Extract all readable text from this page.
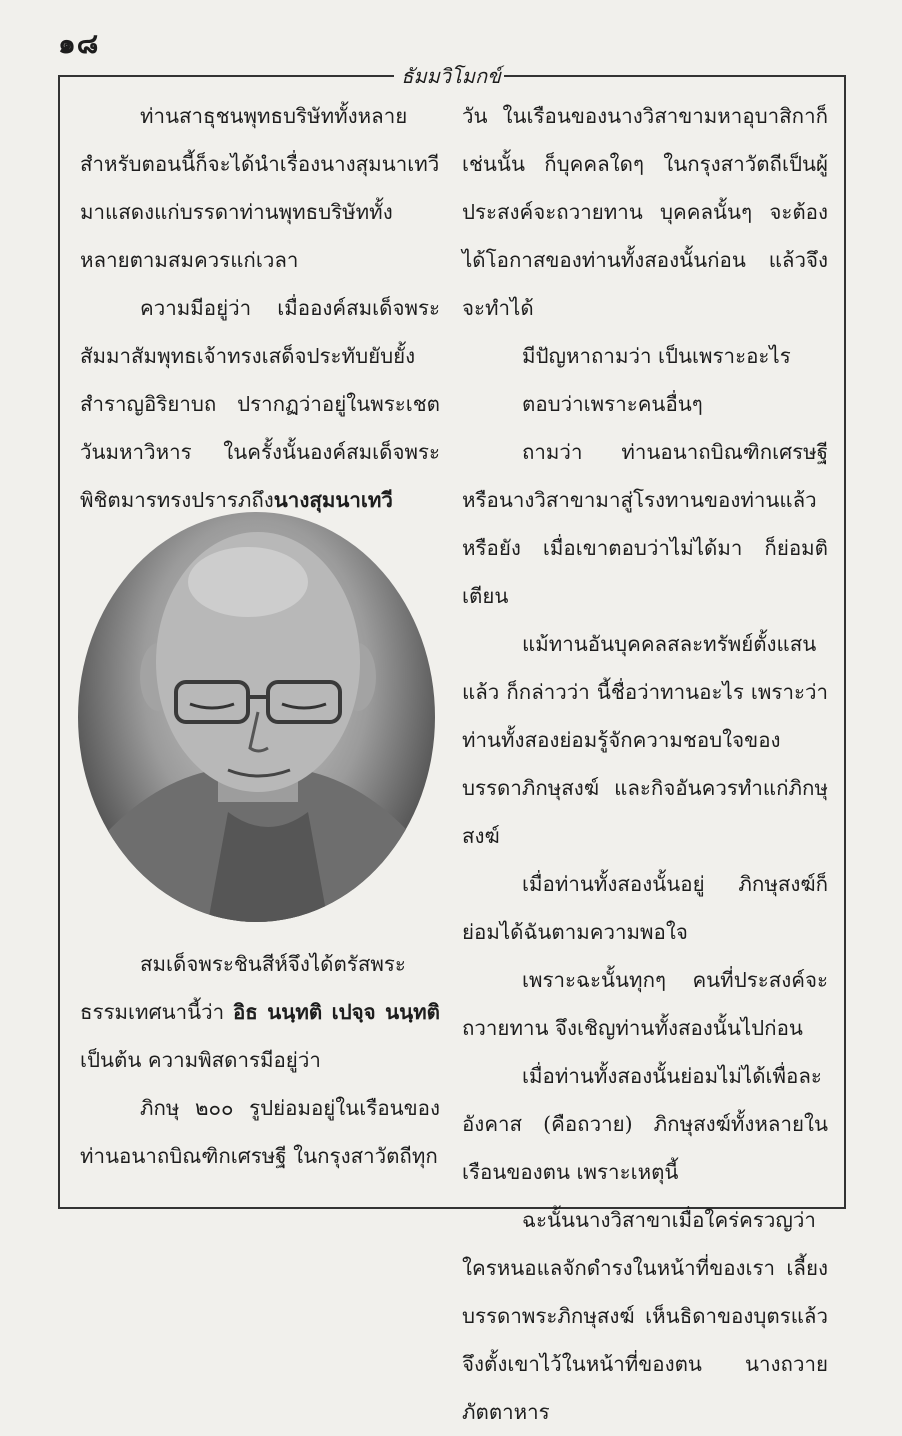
๑๘
ธัมมวิโมกข์

ท่านสาธุชนพุทธบริษัททั้งหลาย สำหรับตอนนี้ก็จะได้นำเรื่องนางสุมนาเทวีมาแสดงแก่บรรดาท่านพุทธบริษัททั้งหลายตามสมควรแก่เวลา

ความมีอยู่ว่า เมื่อองค์สมเด็จพระสัมมาสัมพุทธเจ้าทรงเสด็จประทับยับยั้งสำราญอิริยาบถ ปรากฏว่าอยู่ในพระเชตวันมหาวิหาร ในครั้งนั้นองค์สมเด็จพระพิชิตมารทรงปรารภถึงนางสุมนาเทวี

สมเด็จพระชินสีห์จึงได้ตรัสพระธรรมเทศนานี้ว่า อิธ นนฺทติ เปจฺจ นนฺทติ เป็นต้น ความพิสดารมีอยู่ว่า

ภิกษุ ๒๐๐ รูปย่อมอยู่ในเรือนของท่านอนาถบิณฑิกเศรษฐี ในกรุงสาวัตถีทุก

วัน ในเรือนของนางวิสาขามหาอุบาสิกาก็เช่นนั้น ก็บุคคลใดๆ ในกรุงสาวัตถีเป็นผู้ประสงค์จะถวายทาน บุคคลนั้นๆ จะต้องได้โอกาสของท่านทั้งสองนั้นก่อน แล้วจึงจะทำได้

มีปัญหาถามว่า เป็นเพราะอะไร

ตอบว่าเพราะคนอื่นๆ

ถามว่า ท่านอนาถบิณฑิกเศรษฐีหรือนางวิสาขามาสู่โรงทานของท่านแล้วหรือยัง เมื่อเขาตอบว่าไม่ได้มา ก็ย่อมติเตียน

แม้ทานอันบุคคลสละทรัพย์ตั้งแสนแล้ว ก็กล่าวว่า นี้ชื่อว่าทานอะไร เพราะว่าท่านทั้งสองย่อมรู้จักความชอบใจของบรรดาภิกษุสงฆ์ และกิจอันควรทำแก่ภิกษุสงฆ์

เมื่อท่านทั้งสองนั้นอยู่ ภิกษุสงฆ์ก็ย่อมได้ฉันตามความพอใจ

เพราะฉะนั้นทุกๆ คนที่ประสงค์จะถวายทาน จึงเชิญท่านทั้งสองนั้นไปก่อน

เมื่อท่านทั้งสองนั้นย่อมไม่ได้เพื่อละอังคาส (คือถวาย) ภิกษุสงฆ์ทั้งหลายในเรือนของตน เพราะเหตุนี้

ฉะนั้นนางวิสาขาเมื่อใคร่ครวญว่า ใครหนอแลจักดำรงในหน้าที่ของเรา เลี้ยงบรรดาพระภิกษุสงฆ์ เห็นธิดาของบุตรแล้ว จึงตั้งเขาไว้ในหน้าที่ของตน นางถวายภัตตาหาร
